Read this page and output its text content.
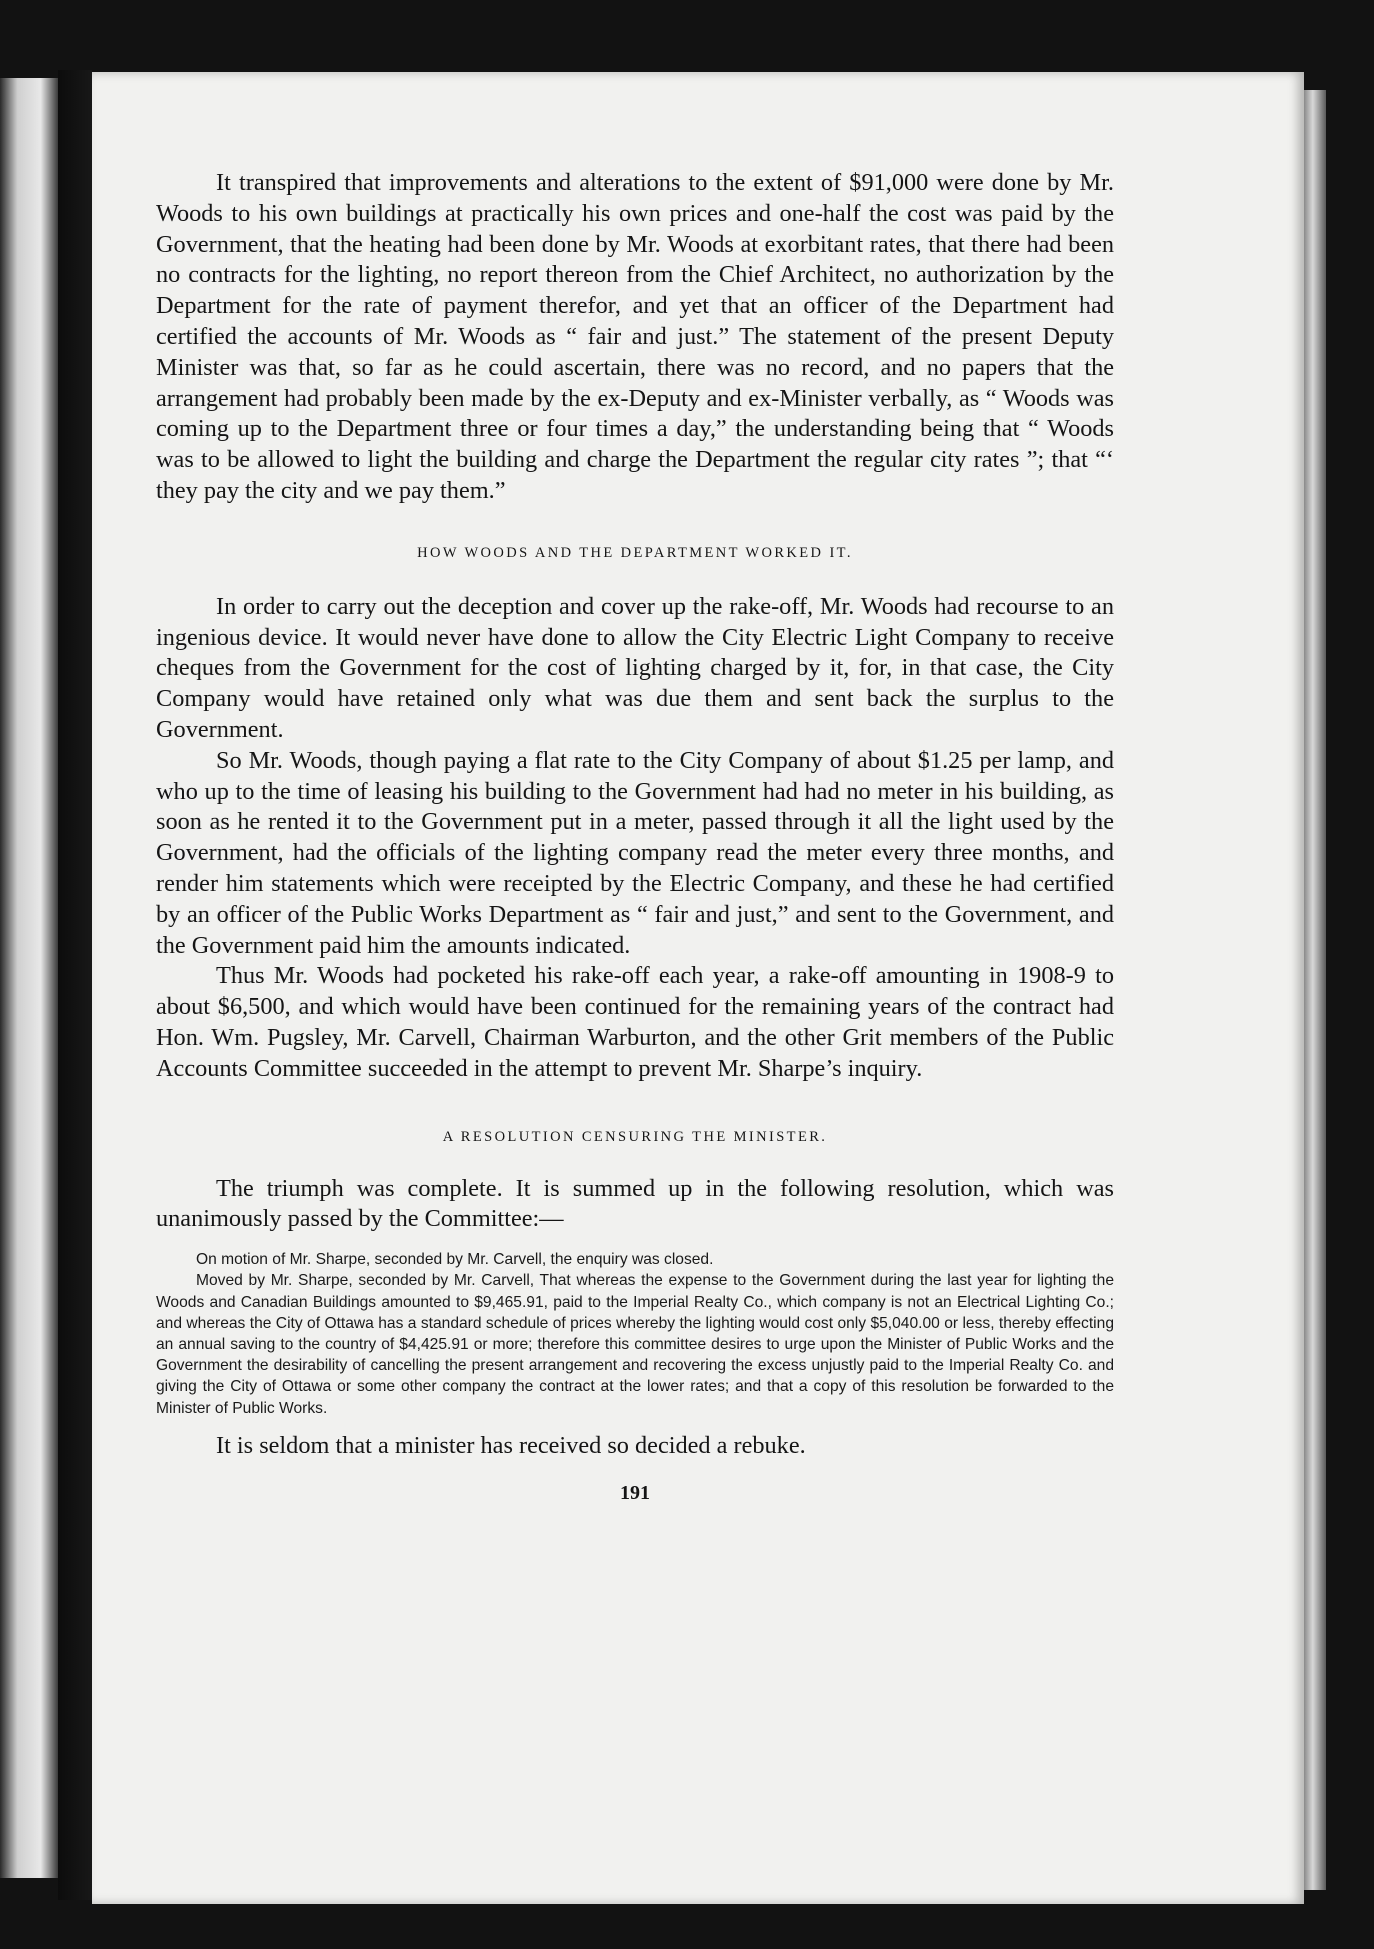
It transpired that improvements and alterations to the extent of $91,000 were done by Mr. Woods to his own buildings at practically his own prices and one-half the cost was paid by the Government, that the heating had been done by Mr. Woods at exorbitant rates, that there had been no contracts for the lighting, no report thereon from the Chief Architect, no authorization by the Department for the rate of payment therefor, and yet that an officer of the Department had certified the accounts of Mr. Woods as “ fair and just.” The statement of the present Deputy Minister was that, so far as he could ascertain, there was no record, and no papers that the arrangement had probably been made by the ex-Deputy and ex-Minister verbally, as “ Woods was coming up to the Department three or four times a day,” the understanding being that “ Woods was to be allowed to light the building and charge the Department the regular city rates ”; that “‘ they pay the city and we pay them.”

HOW WOODS AND THE DEPARTMENT WORKED IT.

In order to carry out the deception and cover up the rake-off, Mr. Woods had recourse to an ingenious device. It would never have done to allow the City Electric Light Company to receive cheques from the Government for the cost of lighting charged by it, for, in that case, the City Company would have retained only what was due them and sent back the surplus to the Government.

So Mr. Woods, though paying a flat rate to the City Company of about $1.25 per lamp, and who up to the time of leasing his building to the Government had had no meter in his building, as soon as he rented it to the Government put in a meter, passed through it all the light used by the Government, had the officials of the lighting company read the meter every three months, and render him statements which were receipted by the Electric Company, and these he had certified by an officer of the Public Works Department as “ fair and just,” and sent to the Government, and the Government paid him the amounts indicated.

Thus Mr. Woods had pocketed his rake-off each year, a rake-off amounting in 1908-9 to about $6,500, and which would have been continued for the remaining years of the contract had Hon. Wm. Pugsley, Mr. Carvell, Chairman Warburton, and the other Grit members of the Public Accounts Committee succeeded in the attempt to prevent Mr. Sharpe’s inquiry.

A RESOLUTION CENSURING THE MINISTER.

The triumph was complete. It is summed up in the following resolution, which was unanimously passed by the Committee:—

On motion of Mr. Sharpe, seconded by Mr. Carvell, the enquiry was closed.

Moved by Mr. Sharpe, seconded by Mr. Carvell, That whereas the expense to the Government during the last year for lighting the Woods and Canadian Buildings amounted to $9,465.91, paid to the Imperial Realty Co., which company is not an Electrical Lighting Co.; and whereas the City of Ottawa has a standard schedule of prices whereby the lighting would cost only $5,040.00 or less, thereby effecting an annual saving to the country of $4,425.91 or more; therefore this committee desires to urge upon the Minister of Public Works and the Government the desirability of cancelling the present arrangement and recovering the excess unjustly paid to the Imperial Realty Co. and giving the City of Ottawa or some other company the contract at the lower rates; and that a copy of this resolution be forwarded to the Minister of Public Works.

It is seldom that a minister has received so decided a rebuke.

191
